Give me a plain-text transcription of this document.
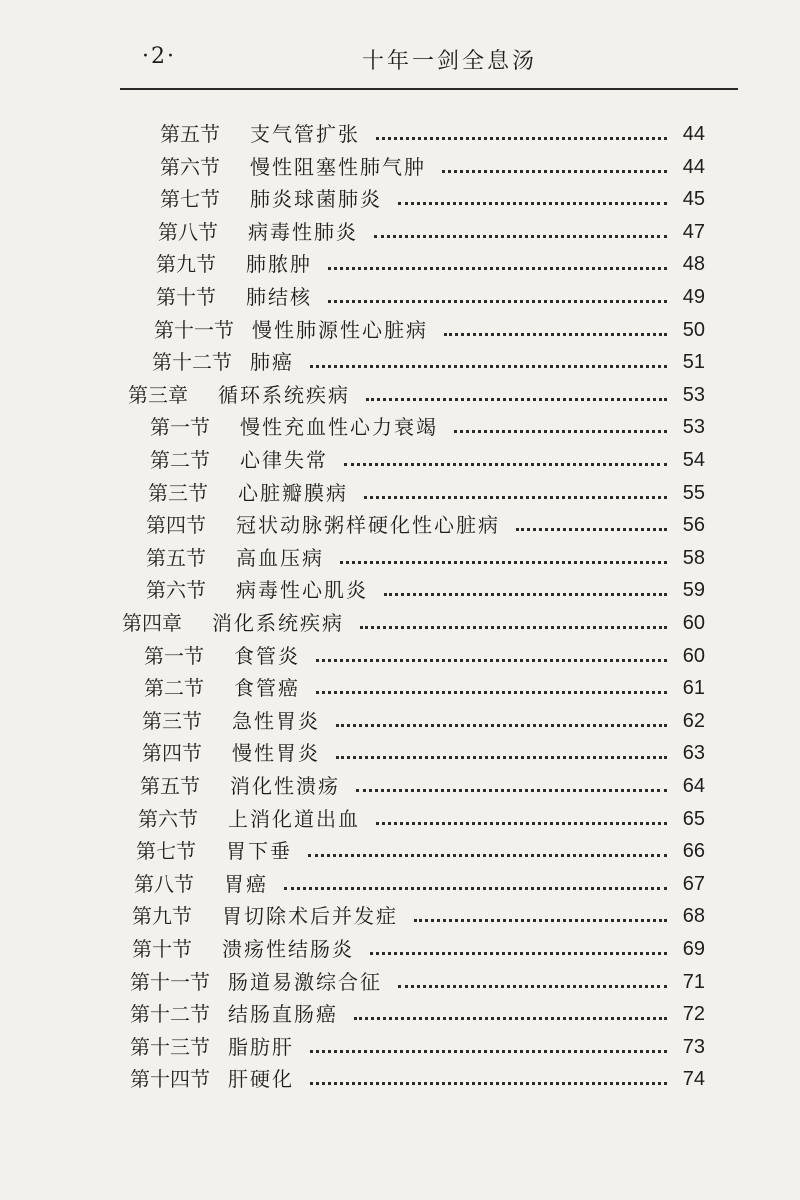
·2·	十年一剑全息汤
第五节 支气管扩张	44
第六节 慢性阻塞性肺气肿	44
第七节 肺炎球菌肺炎	45
第八节 病毒性肺炎	47
第九节 肺脓肿	48
第十节 肺结核	49
第十一节 慢性肺源性心脏病	50
第十二节 肺癌	51
第三章 循环系统疾病	53
第一节 慢性充血性心力衰竭	53
第二节 心律失常	54
第三节 心脏瓣膜病	55
第四节 冠状动脉粥样硬化性心脏病	56
第五节 高血压病	58
第六节 病毒性心肌炎	59
第四章 消化系统疾病	60
第一节 食管炎	60
第二节 食管癌	61
第三节 急性胃炎	62
第四节 慢性胃炎	63
第五节 消化性溃疡	64
第六节 上消化道出血	65
第七节 胃下垂	66
第八节 胃癌	67
第九节 胃切除术后并发症	68
第十节 溃疡性结肠炎	69
第十一节 肠道易激综合征	71
第十二节 结肠直肠癌	72
第十三节 脂肪肝	73
第十四节 肝硬化	74
